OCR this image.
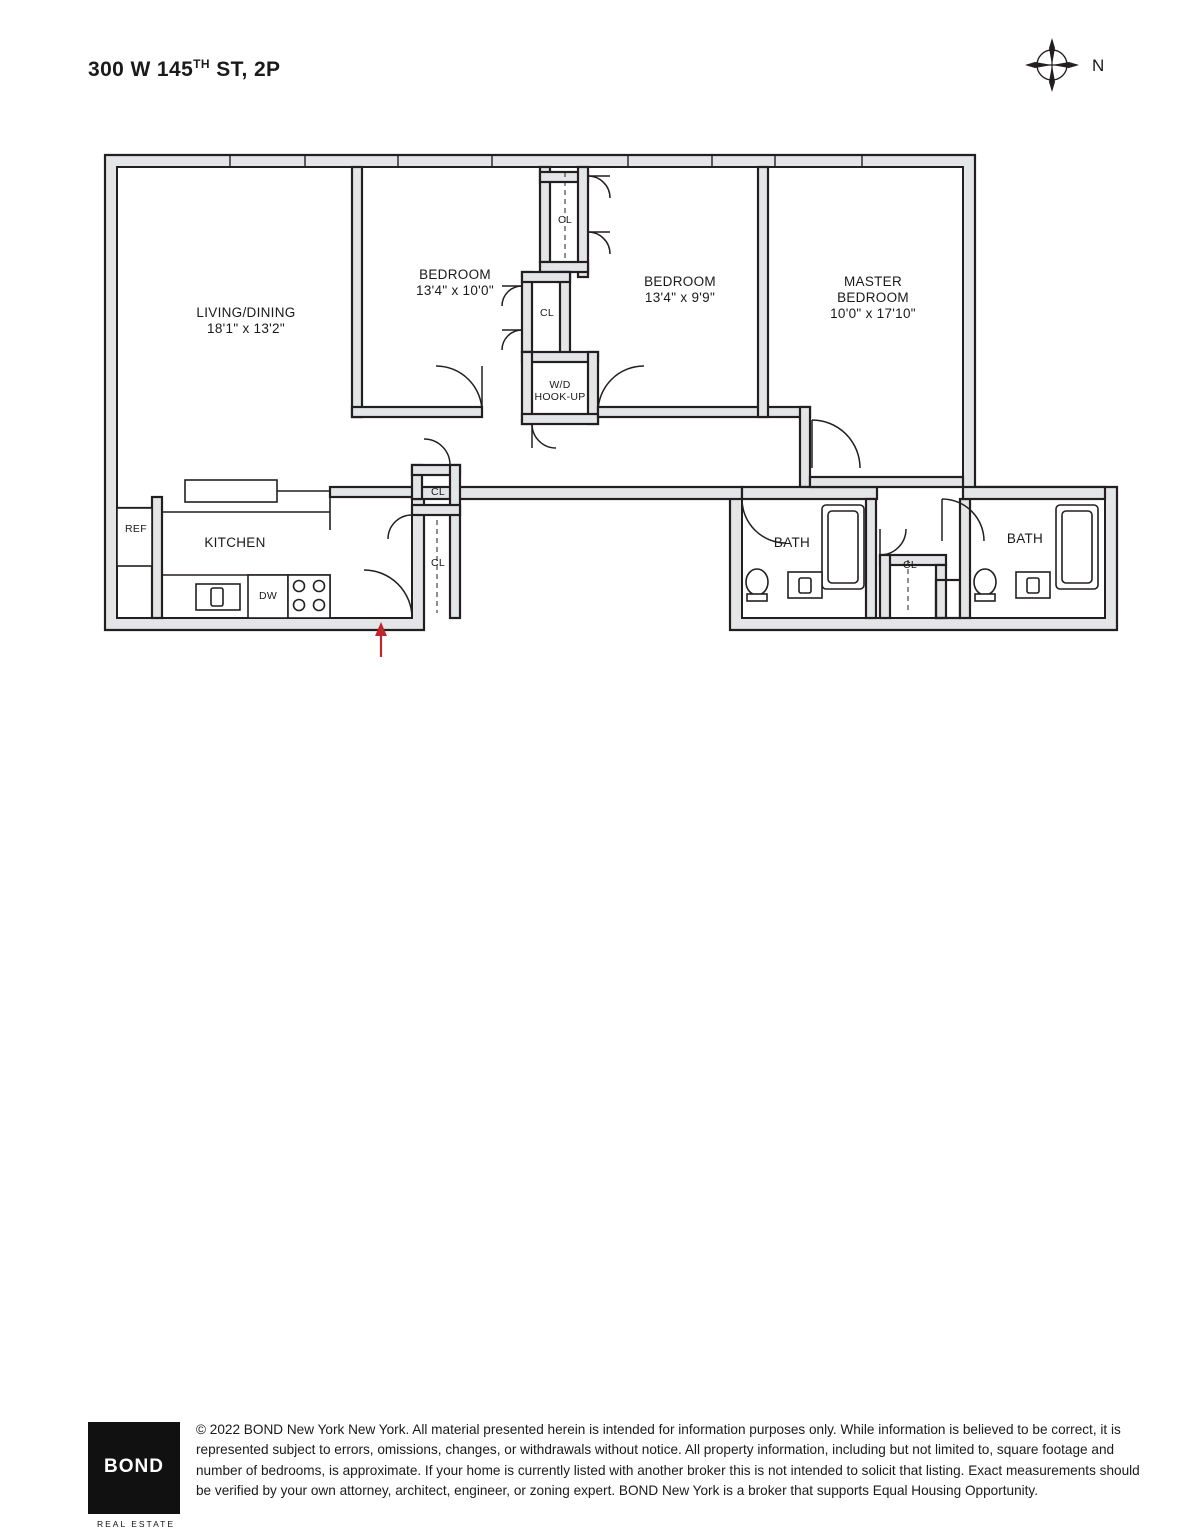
300 W 145TH ST, 2P	N
LIVING/DINING
18'1" x 13'2"
BEDROOM
13'4" x 10'0"
BEDROOM
13'4" x 9'9"
MASTER
BEDROOM
10'0" x 17'10"
KITCHEN	BATH	BATH
CL
CL
CL
CL	CL
W/D
HOOK-UP
REF
DW
BOND
REAL ESTATE
© 2022 BOND New York New York. All material presented herein is intended for information purposes only. While information is believed to be correct, it is represented subject to errors, omissions, changes, or withdrawals without notice. All property information, including but not limited to, square footage and number of bedrooms, is approximate. If your home is currently listed with another broker this is not intended to solicit that listing. Exact measurements should be verified by your own attorney, architect, engineer, or zoning expert. BOND New York is a broker that supports Equal Housing Opportunity.
